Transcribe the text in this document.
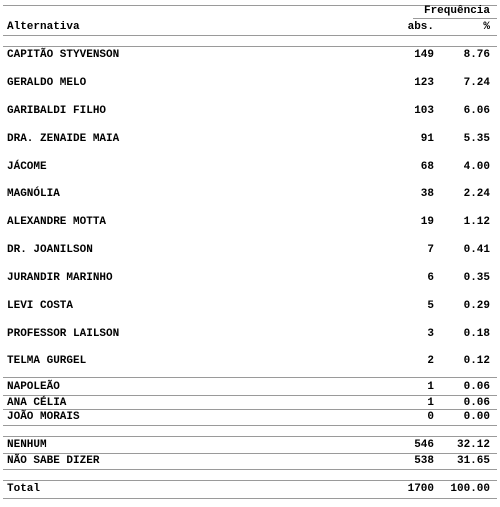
Frequência
Alternativa	abs.	%
CAPITÃO STYVENSON	149	8.76
GERALDO MELO	123	7.24
GARIBALDI FILHO	103	6.06
DRA. ZENAIDE MAIA	91	5.35
JÁCOME	68	4.00
MAGNÓLIA	38	2.24
ALEXANDRE MOTTA	19	1.12
DR. JOANILSON	7	0.41
JURANDIR MARINHO	6	0.35
LEVI COSTA	5	0.29
PROFESSOR LAILSON	3	0.18
TELMA GURGEL	2	0.12
NAPOLEÃO	1	0.06
ANA CÉLIA	1	0.06
JOÃO MORAIS	0	0.00
NENHUM	546 32.12
NÃO SABE DIZER	538 31.65
Total	1700 100.00
